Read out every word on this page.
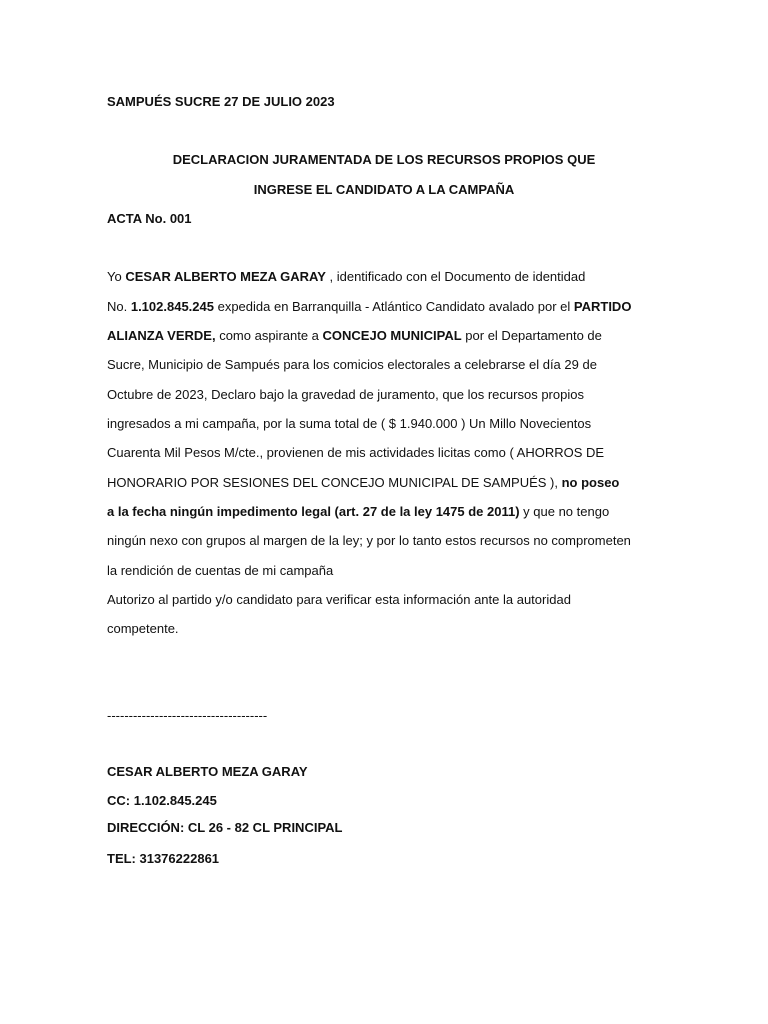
SAMPUÉS SUCRE 27 DE JULIO 2023
DECLARACION JURAMENTADA DE LOS RECURSOS PROPIOS QUE
INGRESE EL CANDIDATO A LA CAMPAÑA
ACTA No. 001
Yo CESAR ALBERTO MEZA GARAY , identificado con el Documento de identidad
No. 1.102.845.245 expedida en Barranquilla - Atlántico Candidato avalado por el PARTIDO
ALIANZA VERDE, como aspirante a CONCEJO MUNICIPAL por el Departamento de
Sucre, Municipio de Sampués para los comicios electorales a celebrarse el día 29 de
Octubre de 2023, Declaro bajo la gravedad de juramento, que los recursos propios
ingresados a mi campaña, por la suma total de ( $ 1.940.000 ) Un Millo Novecientos
Cuarenta Mil Pesos M/cte., provienen de mis actividades licitas como ( AHORROS DE
HONORARIO POR SESIONES DEL CONCEJO MUNICIPAL DE SAMPUÉS ), no poseo
a la fecha ningún impedimento legal (art. 27 de la ley 1475 de 2011) y que no tengo
ningún nexo con grupos al margen de la ley; y por lo tanto estos recursos no comprometen
la rendición de cuentas de mi campaña
Autorizo al partido y/o candidato para verificar esta información ante la autoridad
competente.
-------------------------------------
CESAR ALBERTO MEZA GARAY
CC: 1.102.845.245
DIRECCIÓN: CL 26 - 82 CL PRINCIPAL
TEL: 31376222861
